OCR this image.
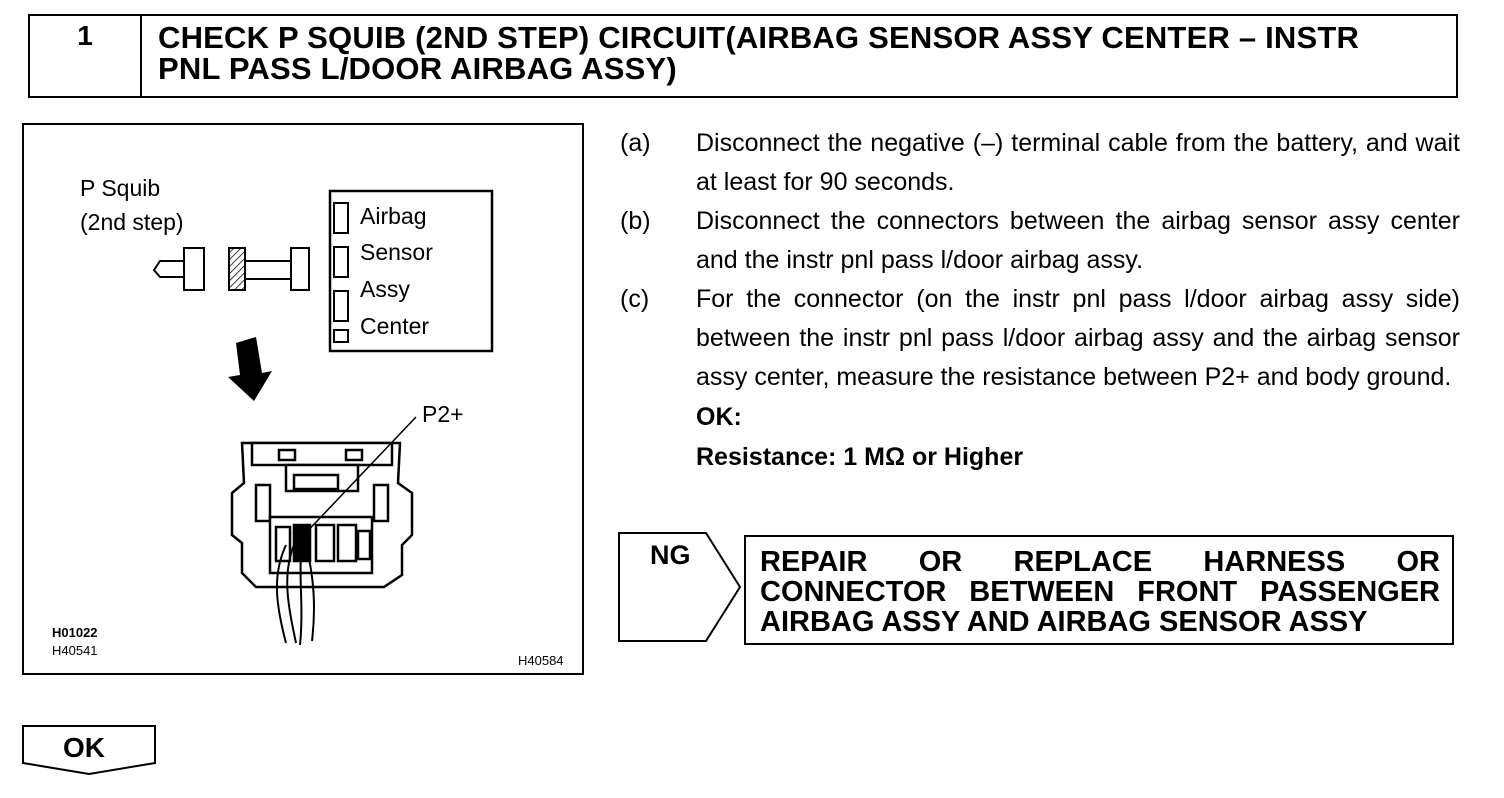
1	CHECK P SQUIB (2ND STEP) CIRCUIT(AIRBAG SENSOR ASSY CENTER – INSTR
PNL PASS L/DOOR AIRBAG ASSY)
P Squib
(2nd step)	Airbag
Sensor
Assy
Center
P2+
H01022
H40541
H40584
(a) Disconnect the negative (–) terminal cable from the battery, and wait at least for 90 seconds.
(b) Disconnect the connectors between the airbag sensor assy center and the instr pnl pass l/door airbag assy.
(c) For the connector (on the instr pnl pass l/door airbag assy side) between the instr pnl pass l/door airbag assy and the airbag sensor assy center, measure the resistance between P2+ and body ground.
OK:
Resistance: 1 MΩ or Higher
NG REPAIR OR REPLACE HARNESS OR
CONNECTOR BETWEEN FRONT PASSENGER
AIRBAG ASSY AND AIRBAG SENSOR ASSY
OK
